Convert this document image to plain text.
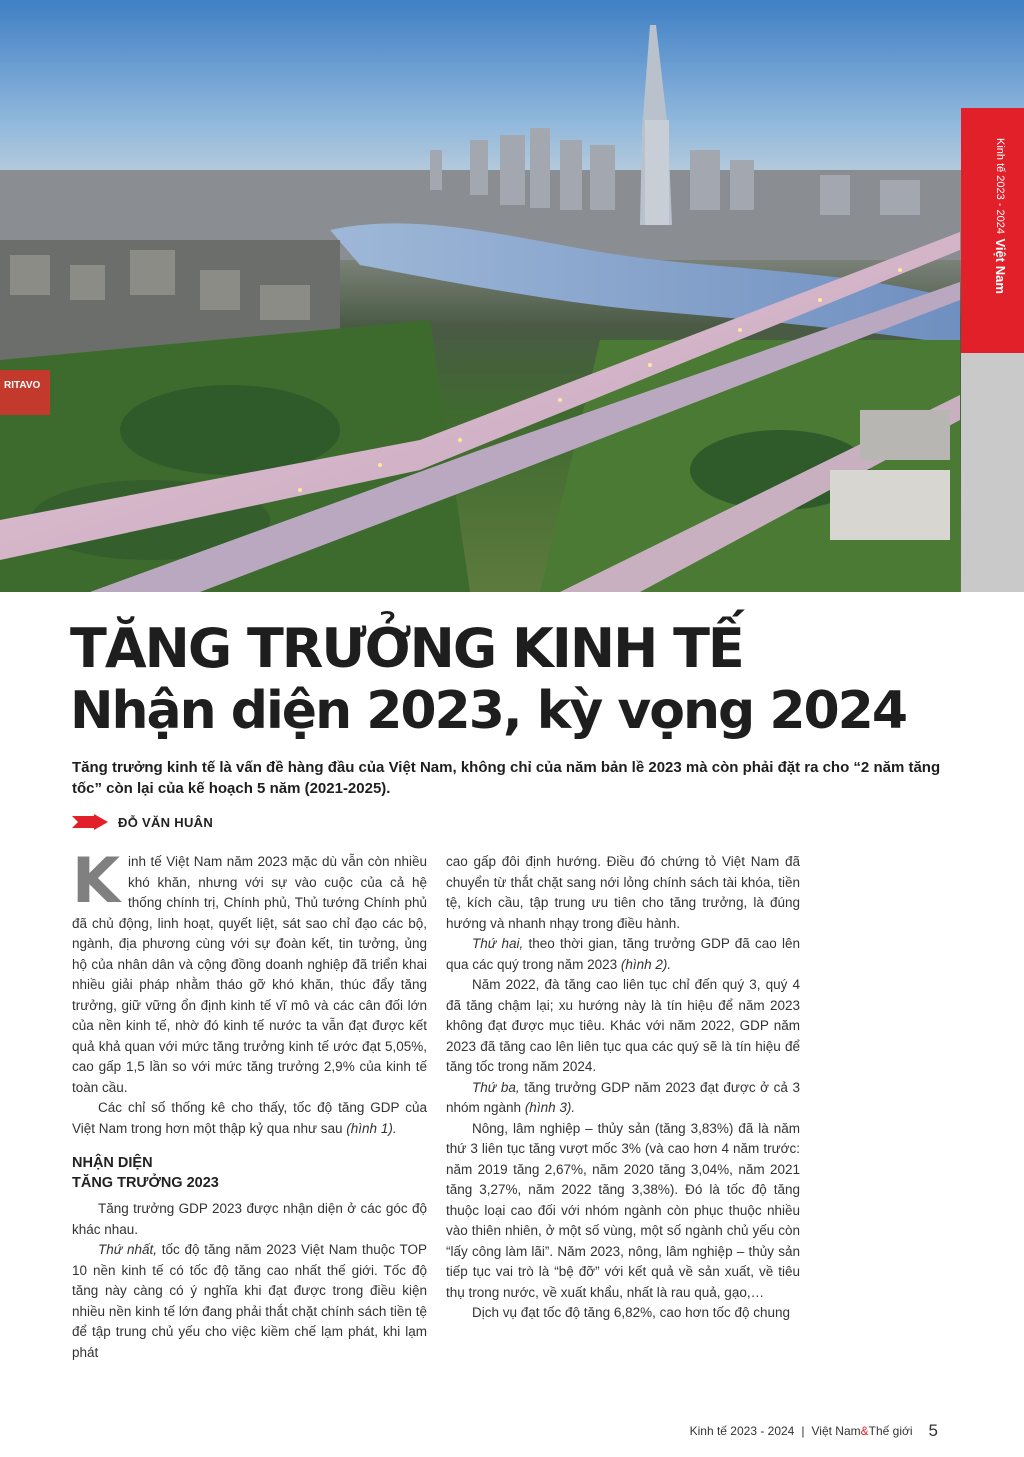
RITAVO
Kinh tế 2023 - 2024 Việt Nam
TĂNG TRƯỞNG KINH TẾ
Nhận diện 2023, kỳ vọng 2024
Tăng trưởng kinh tế là vấn đề hàng đầu của Việt Nam, không chỉ của năm bản lề 2023 mà còn phải đặt ra cho “2 năm tăng tốc” còn lại của kế hoạch 5 năm (2021-2025).
ĐỖ VĂN HUÂN

Kinh tế Việt Nam năm 2023 mặc dù vẫn còn nhiều khó khăn, nhưng với sự vào cuộc của cả hệ thống chính trị, Chính phủ, Thủ tướng Chính phủ đã chủ động, linh hoạt, quyết liệt, sát sao chỉ đạo các bộ, ngành, địa phương cùng với sự đoàn kết, tin tưởng, ủng hộ của nhân dân và cộng đồng doanh nghiệp đã triển khai nhiều giải pháp nhằm tháo gỡ khó khăn, thúc đẩy tăng trưởng, giữ vững ổn định kinh tế vĩ mô và các cân đối lớn của nền kinh tế, nhờ đó kinh tế nước ta vẫn đạt được kết quả khả quan với mức tăng trưởng kinh tế ước đạt 5,05%, cao gấp 1,5 lần so với mức tăng trưởng 2,9% của kinh tế toàn cầu.

Các chỉ số thống kê cho thấy, tốc độ tăng GDP của Việt Nam trong hơn một thập kỷ qua như sau (hình 1).

NHẬN DIỆN
TĂNG TRƯỞNG 2023

Tăng trưởng GDP 2023 được nhận diện ở các góc độ khác nhau.

Thứ nhất, tốc độ tăng năm 2023 Việt Nam thuộc TOP 10 nền kinh tế có tốc độ tăng cao nhất thế giới. Tốc độ tăng này càng có ý nghĩa khi đạt được trong điều kiện nhiều nền kinh tế lớn đang phải thắt chặt chính sách tiền tệ để tập trung chủ yếu cho việc kiềm chế lạm phát, khi lạm phát

cao gấp đôi định hướng. Điều đó chứng tỏ Việt Nam đã chuyển từ thắt chặt sang nới lỏng chính sách tài khóa, tiền tệ, kích cầu, tập trung ưu tiên cho tăng trưởng, là đúng hướng và nhanh nhạy trong điều hành.

Thứ hai, theo thời gian, tăng trưởng GDP đã cao lên qua các quý trong năm 2023 (hình 2).

Năm 2022, đà tăng cao liên tục chỉ đến quý 3, quý 4 đã tăng chậm lại; xu hướng này là tín hiệu để năm 2023 không đạt được mục tiêu. Khác với năm 2022, GDP năm 2023 đã tăng cao lên liên tục qua các quý sẽ là tín hiệu để tăng tốc trong năm 2024.

Thứ ba, tăng trưởng GDP năm 2023 đạt được ở cả 3 nhóm ngành (hình 3).

Nông, lâm nghiệp – thủy sản (tăng 3,83%) đã là năm thứ 3 liên tục tăng vượt mốc 3% (và cao hơn 4 năm trước: năm 2019 tăng 2,67%, năm 2020 tăng 3,04%, năm 2021 tăng 3,27%, năm 2022 tăng 3,38%). Đó là tốc độ tăng thuộc loại cao đối với nhóm ngành còn phục thuộc nhiều vào thiên nhiên, ở một số vùng, một số ngành chủ yếu còn “lấy công làm lãi”. Năm 2023, nông, lâm nghiệp – thủy sản tiếp tục vai trò là “bệ đỡ” với kết quả về sản xuất, về tiêu thụ trong nước, về xuất khẩu, nhất là rau quả, gạo,…

Dịch vụ đạt tốc độ tăng 6,82%, cao hơn tốc độ chung

Kinh tế 2023 - 2024 | Việt Nam & Thế giới 5
